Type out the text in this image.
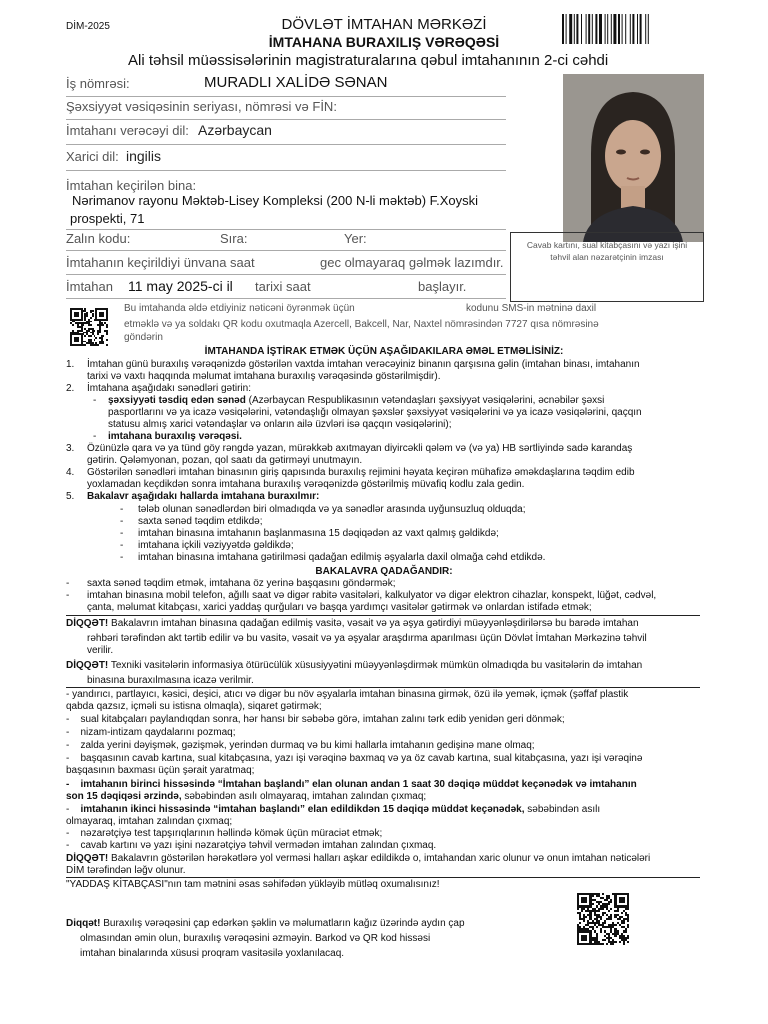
DİM-2025	DÖVLƏT İMTAHAN MƏRKƏZİ
İMTAHANA BURAXILIŞ VƏRƏQƏSİ
Ali təhsil müəssisələrinin magistraturalarına qəbul imtahanının 2-ci cəhdi
İş nömrəsi:	MURADLI XALİDƏ SƏNAN
Şəxsiyyət vəsiqəsinin seriyası, nömrəsi və FİN:
İmtahanı verəcəyi dil: Azərbaycan
Xarici dil: ingilis
İmtahan keçirilən bina:
Nərimanov rayonu Məktəb-Lisey Kompleksi (200 N-li məktəb) F.Xoyski
prospekti, 71
Zalın kodu:	Sıra:	Yer:
İmtahanın keçirildiyi ünvana saat	gec olmayaraq gəlmək lazımdır.
İmtahan 11 may 2025-ci il tarixi saat	başlayır.
Cavab kartını, sual kitabçasını və yazı işini təhvil alan nəzarətçinin imzası
Bu imtahanda əldə etdiyiniz nəticəni öyrənmək üçün	kodunu SMS-in mətninə daxil
etməklə və ya soldakı QR kodu oxutmaqla Azercell, Bakcell, Nar, Naxtel nömrəsindən 7727 qısa nömrəsinə
göndərin
İMTAHANDA İŞTİRAK ETMƏK ÜÇÜN AŞAĞIDAKILARA ƏMƏL ETMƏLİSİNİZ:
1. İmtahan günü buraxılış vərəqənizdə göstərilən vaxtda imtahan verəcəyiniz binanın qarşısına gəlin (imtahan binası, imtahanın
tarixi və vaxtı haqqında məlumat imtahana buraxılış vərəqəsində göstərilmişdir).
2. İmtahana aşağıdakı sənədləri gətirin:
- şəxsiyyəti təsdiq edən sənəd (Azərbaycan Respublikasının vətəndaşları şəxsiyyət vəsiqələrini, əcnəbilər şəxsi
pasportlarını və ya icazə vəsiqələrini, vətəndaşlığı olmayan şəxslər şəxsiyyət vəsiqələrini və ya icazə vəsiqələrini, qaçqın
statusu almış xarici vətəndaşlar və onların ailə üzvləri isə qaçqın vəsiqələrini);
- imtahana buraxılış vərəqəsi.
3. Özünüzlə qara və ya tünd göy rəngdə yazan, mürəkkəb axıtmayan diyircəkli qələm və (və ya) HB sərtliyində sadə karandaş
gətirin. Qələmyonan, pozan, qol saatı da gətirməyi unutmayın.
4. Göstərilən sənədləri imtahan binasının giriş qapısında buraxılış rejimini həyata keçirən mühafizə əməkdaşlarına təqdim edib
yoxlamadan keçdikdən sonra imtahana buraxılış vərəqənizdə göstərilmiş müvafiq kodlu zala gedin.
5. Bakalavr aşağıdakı hallarda imtahana buraxılmır:
- tələb olunan sənədlərdən biri olmadıqda və ya sənədlər arasında uyğunsuzluq olduqda;
- saxta sənəd təqdim etdikdə;
- imtahan binasına imtahanın başlanmasına 15 dəqiqədən az vaxt qalmış gəldikdə;
- imtahana içkili vəziyyətdə gəldikdə;
- imtahan binasına imtahana gətirilməsi qadağan edilmiş əşyalarla daxil olmağa cəhd etdikdə.
BAKALAVRA QADAĞANDIR:
- saxta sənəd təqdim etmək, imtahana öz yerinə başqasını göndərmək;
- imtahan binasına mobil telefon, ağıllı saat və digər rabitə vasitələri, kalkulyator və digər elektron cihazlar, konspekt, lüğət, cədvəl,
çanta, məlumat kitabçası, xarici yaddaş qurğuları və başqa yardımçı vasitələr gətirmək və onlardan istifadə etmək;
DİQQƏT! Bakalavrın imtahan binasına qadağan edilmiş vasitə, vəsait və ya əşya gətirdiyi müəyyənləşdirilərsə bu barədə imtahan
rəhbəri tərəfindən akt tərtib edilir və bu vasitə, vəsait və ya əşyalar araşdırma aparılması üçün Dövlət İmtahan Mərkəzinə təhvil
verilir.
DİQQƏT! Texniki vasitələrin informasiya ötürücülük xüsusiyyətini müəyyənləşdirmək mümkün olmadıqda bu vasitələrin də imtahan
binasına buraxılmasına icazə verilmir.
- yandırıcı, partlayıcı, kəsici, deşici, atıcı və digər bu növ əşyalarla imtahan binasına girmək, özü ilə yemək, içmək (şəffaf plastik
qabda qazsız, içməli su istisna olmaqla), siqaret gətirmək;
-    sual kitabçaları paylandıqdan sonra, hər hansı bir səbəbə görə, imtahan zalını tərk edib yenidən geri dönmək;
-    nizam-intizam qaydalarını pozmaq;
-    zalda yerini dəyişmək, gəzişmək, yerindən durmaq və bu kimi hallarla imtahanın gedişinə mane olmaq;
-    başqasının cavab kartına, sual kitabçasına, yazı işi vərəqinə baxmaq və ya öz cavab kartına, sual kitabçasına, yazı işi vərəqinə
başqasının baxması üçün şərait yaratmaq;
-    imtahanın birinci hissəsində “İmtahan başlandı” elan olunan andan 1 saat 30 dəqiqə müddət keçənədək və imtahanın
son 15 dəqiqəsi ərzində, səbəbindən asılı olmayaraq, imtahan zalından çıxmaq;
-    imtahanın ikinci hissəsində “imtahan başlandı” elan edildikdən 15 dəqiqə müddət keçənədək, səbəbindən asılı
olmayaraq, imtahan zalından çıxmaq;
-    nəzarətçiyə test tapşırıqlarının həllində kömək üçün müraciət etmək;
-    cavab kartını və yazı işini nəzarətçiyə təhvil vermədən imtahan zalından çıxmaq.
DİQQƏT! Bakalavrın göstərilən hərəkətlərə yol verməsi halları aşkar edildikdə o, imtahandan xaric olunur və onun imtahan nəticələri
DİM tərəfindən ləğv olunur.
"YADDAŞ KİTABÇASI"nın tam mətnini əsas səhifədən yükləyib mütləq oxumalısınız!
Diqqət! Buraxılış vərəqəsini çap edərkən şəklin və məlumatların kağız üzərində aydın çap
olmasından əmin olun, buraxılış vərəqəsini əzməyin. Barkod və QR kod hissəsi
imtahan binalarında xüsusi proqram vasitəsilə yoxlanılacaq.
